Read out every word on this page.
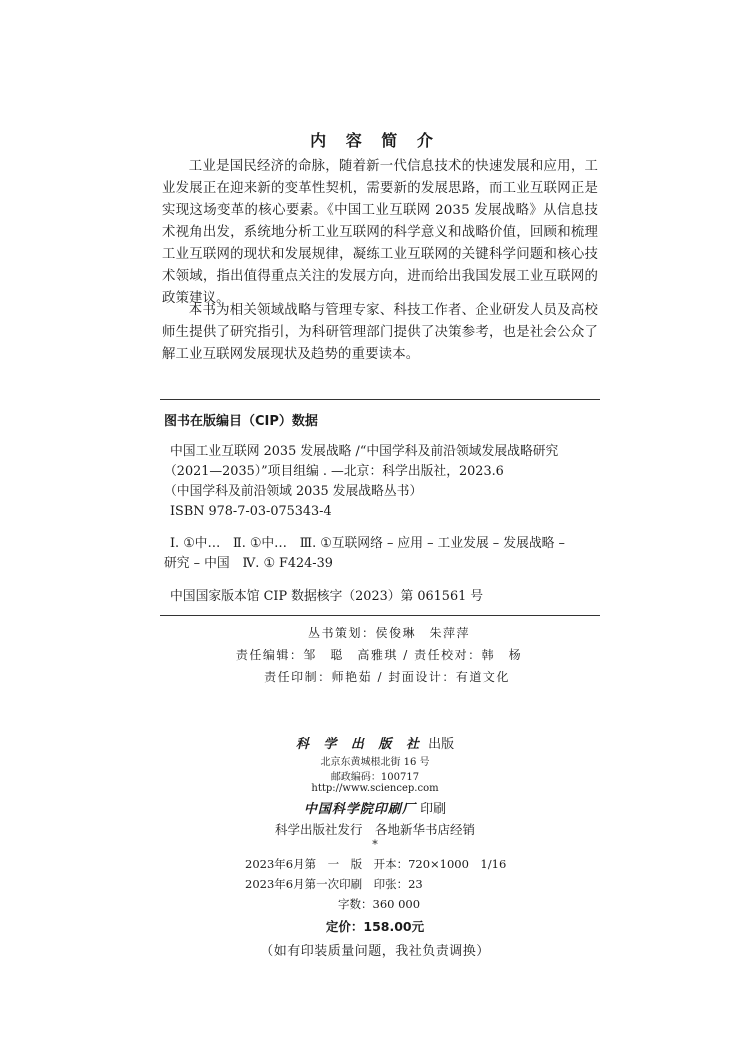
内 容 简 介

工业是国民经济的命脉，随着新一代信息技术的快速发展和应用，工业发展正在迎来新的变革性契机，需要新的发展思路，而工业互联网正是实现这场变革的核心要素。《中国工业互联网 2035 发展战略》从信息技术视角出发，系统地分析工业互联网的科学意义和战略价值，回顾和梳理工业互联网的现状和发展规律，凝练工业互联网的关键科学问题和核心技术领域，指出值得重点关注的发展方向，进而给出我国发展工业互联网的政策建议。

本书为相关领域战略与管理专家、科技工作者、企业研发人员及高校师生提供了研究指引，为科研管理部门提供了决策参考，也是社会公众了解工业互联网发展现状及趋势的重要读本。

图书在版编目（CIP）数据
中国工业互联网 2035 发展战略 /“中国学科及前沿领域发展战略研究
（2021—2035）”项目组编 . —北京：科学出版社，2023.6
（中国学科及前沿领域 2035 发展战略丛书）
ISBN 978-7-03-075343-4
Ⅰ. ①中…　Ⅱ. ①中…　Ⅲ. ①互联网络 – 应用 – 工业发展 – 发展战略 –
研究 – 中国　Ⅳ. ① F424-39
中国国家版本馆 CIP 数据核字（2023）第 061561 号
丛书策划：侯俊琳　朱萍萍
责任编辑：邹　聪　高雅琪 / 责任校对：韩　杨
责任印制：师艳茹 / 封面设计：有道文化
科 学 出 版 社 出版
北京东黄城根北街 16 号
邮政编码：100717
http://www.sciencep.com
中国科学院印刷厂 印刷
科学出版社发行　各地新华书店经销
*
2023年6月第　一　版　开本：720×1000　1/16
2023年6月第一次印刷　印张：23
字数：360 000
定价：158.00元
（如有印装质量问题，我社负责调换）
